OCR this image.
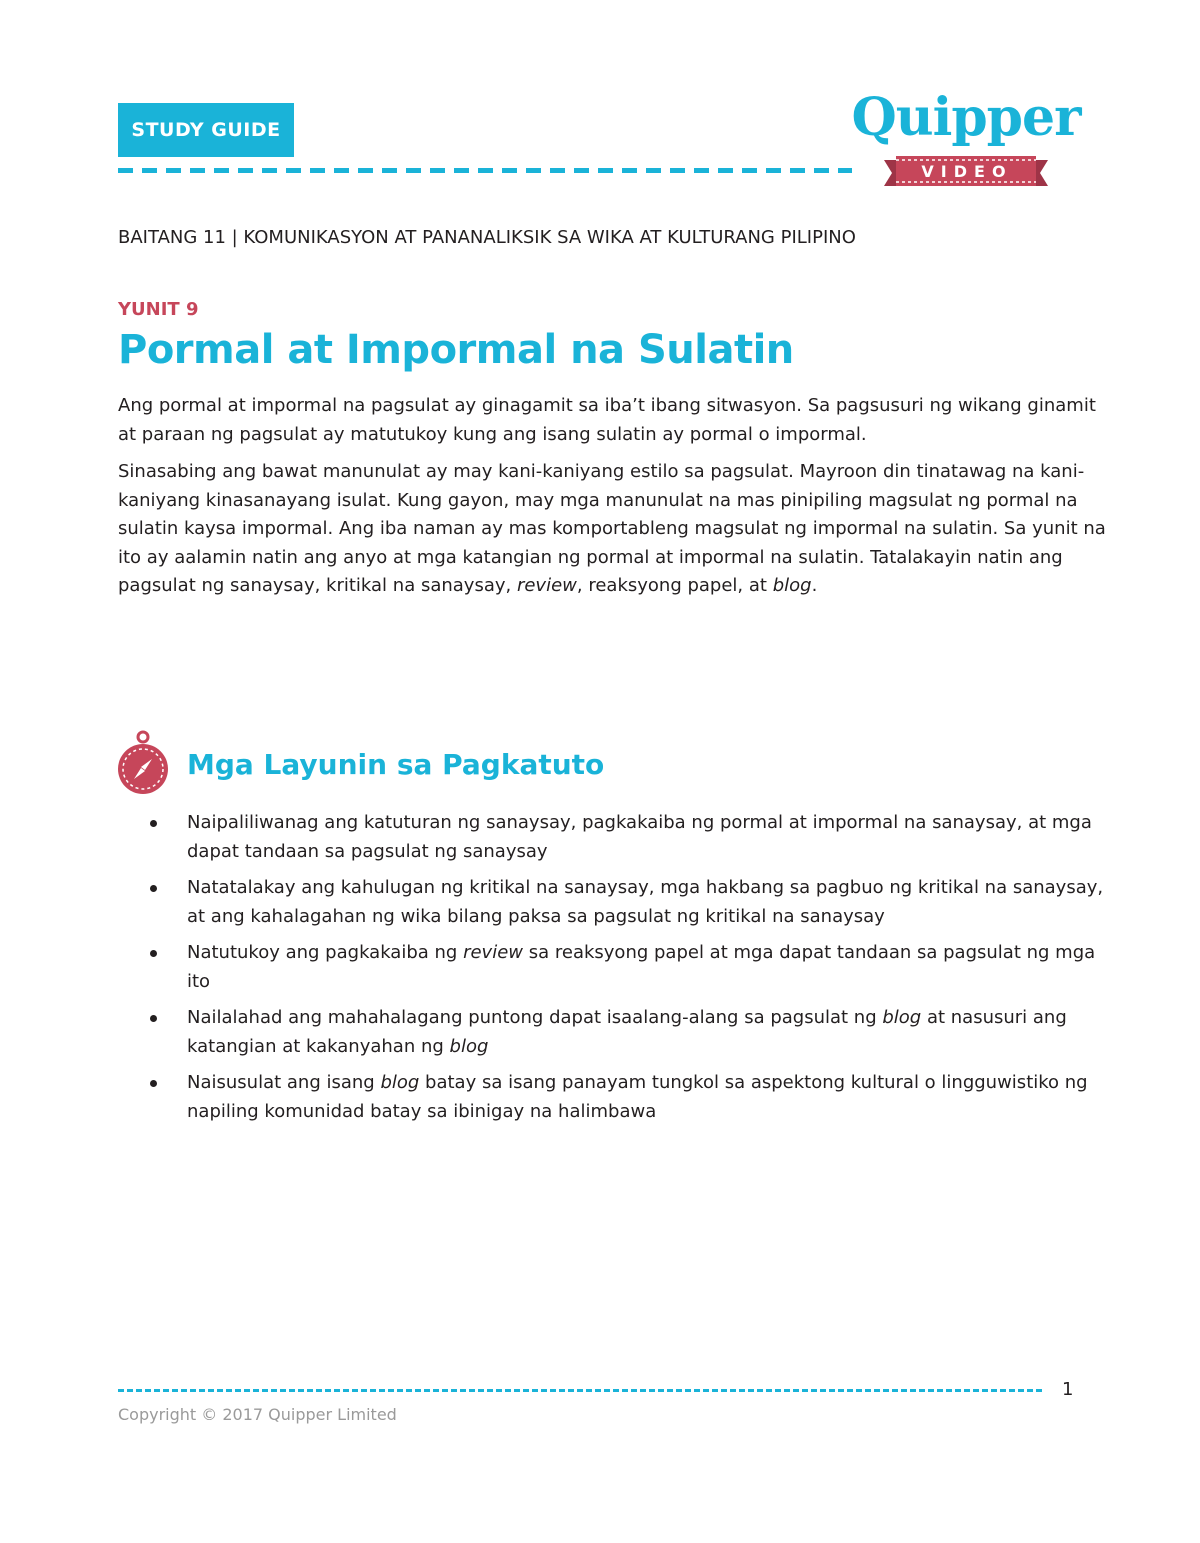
STUDY GUIDE	Quipper
VIDEO
BAITANG 11 | KOMUNIKASYON AT PANANALIKSIK SA WIKA AT KULTURANG PILIPINO
YUNIT 9
Pormal at Impormal na Sulatin

Ang pormal at impormal na pagsulat ay ginagamit sa iba’t ibang sitwasyon. Sa pagsusuri ng wikang ginamit at paraan ng pagsulat ay matutukoy kung ang isang sulatin ay pormal o impormal.

Sinasabing ang bawat manunulat ay may kani-kaniyang estilo sa pagsulat. Mayroon din tinatawag na kani-kaniyang kinasanayang isulat. Kung gayon, may mga manunulat na mas pinipiling magsulat ng pormal na sulatin kaysa impormal. Ang iba naman ay mas komportableng magsulat ng impormal na sulatin. Sa yunit na ito ay aalamin natin ang anyo at mga katangian ng pormal at impormal na sulatin. Tatalakayin natin ang pagsulat ng sanaysay, kritikal na sanaysay, review, reaksyong papel, at blog.

Mga Layunin sa Pagkatuto
Naipaliliwanag ang katuturan ng sanaysay, pagkakaiba ng pormal at impormal na sanaysay, at mga dapat tandaan sa pagsulat ng sanaysay
Natatalakay ang kahulugan ng kritikal na sanaysay, mga hakbang sa pagbuo ng kritikal na sanaysay, at ang kahalagahan ng wika bilang paksa sa pagsulat ng kritikal na sanaysay
Natutukoy ang pagkakaiba ng review sa reaksyong papel at mga dapat tandaan sa pagsulat ng mga ito
Nailalahad ang mahahalagang puntong dapat isaalang-alang sa pagsulat ng blog at nasusuri ang katangian at kakanyahan ng blog
Naisusulat ang isang blog batay sa isang panayam tungkol sa aspektong kultural o lingguwistiko ng napiling komunidad batay sa ibinigay na halimbawa
1
Copyright © 2017 Quipper Limited
